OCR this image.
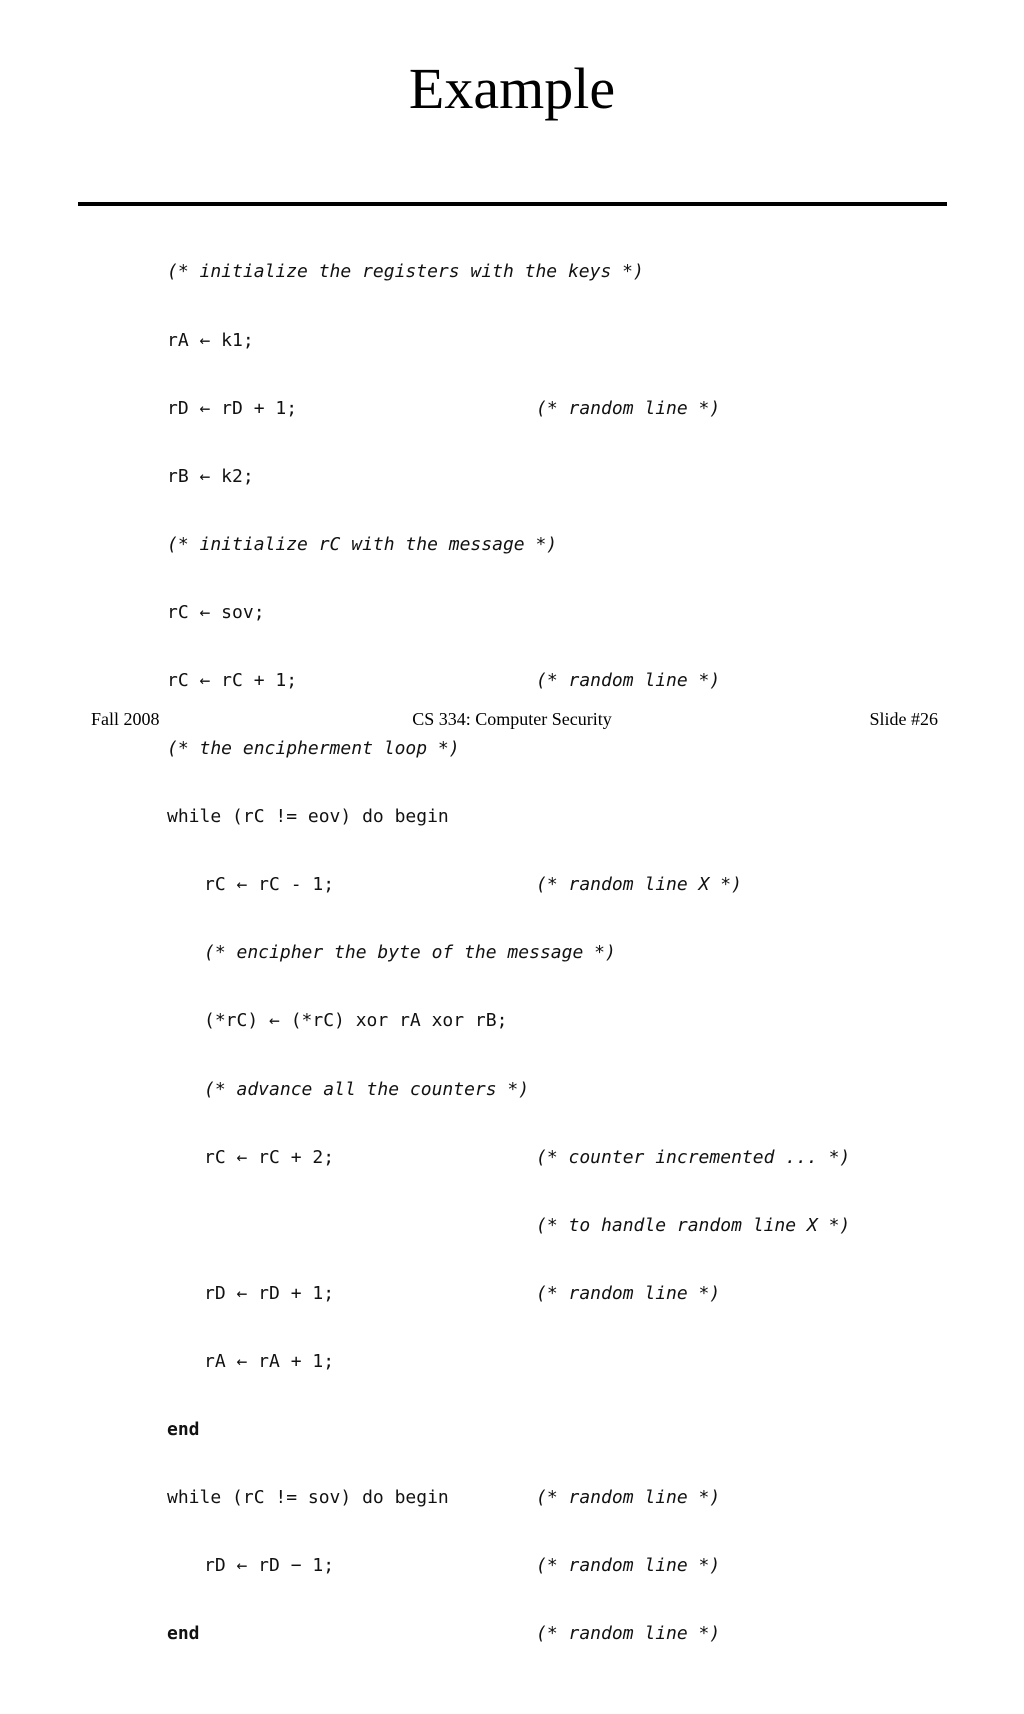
Example

(* initialize the registers with the keys *)

rA ← k1;

rD ← rD + 1;

	(* random line *)

rB ← k2;

(* initialize rC with the message *)

rC ← sov;

rC ← rC + 1;

	(* random line *)

(* the encipherment loop *)

while (rC != eov) do begin

rC ← rC - 1;

	(* random line X *)

(* encipher the byte of the message *)

(*rC) ← (*rC) xor rA xor rB;

(* advance all the counters *)

rC ← rC + 2;

	(* counter incremented ... *)

(* to handle random line X *)

rD ← rD + 1;

	(* random line *)

rA ← rA + 1;

end

while (rC != sov) do begin

	(* random line *)

rD ← rD − 1;

	(* random line *)

end

	(* random line *)

Fall 2008	CS 334: Computer Security	Slide #26
